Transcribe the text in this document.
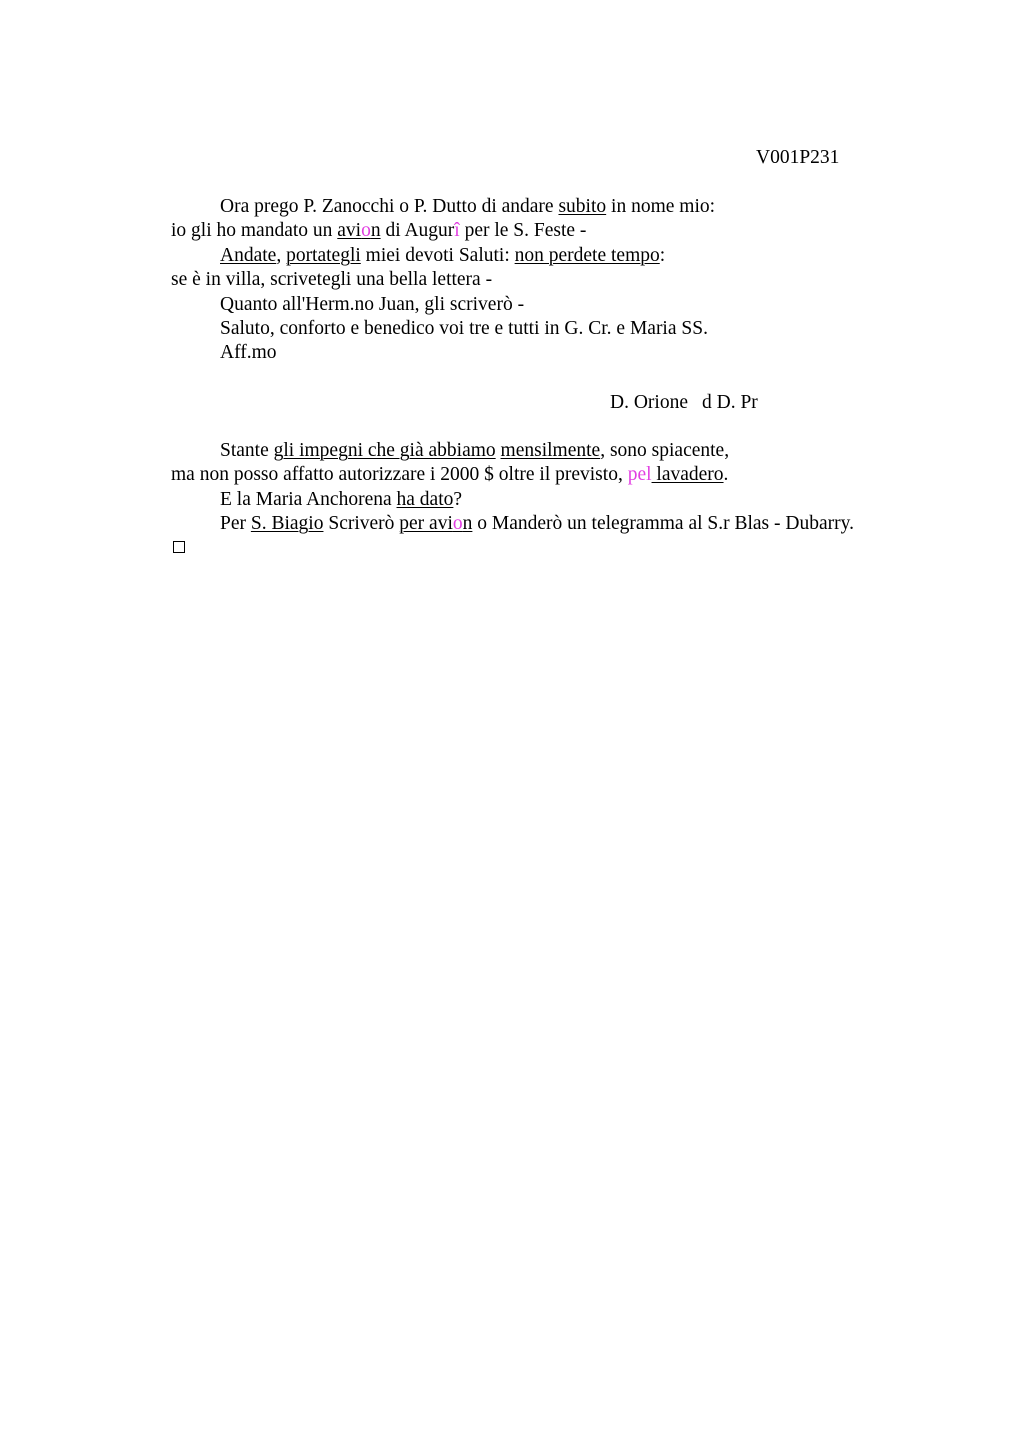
V001P231
Ora prego P. Zanocchi o P. Dutto di andare subito in nome mio:
io gli ho mandato un avion di Augurî per le S. Feste -
Andate, portategli miei devoti Saluti: non perdete tempo:
se è in villa, scrivetegli una bella lettera -
Quanto all'Herm.no Juan, gli scriverò -
Saluto, conforto e benedico voi tre e tutti in G. Cr. e Maria SS.
Aff.mo
D. Orione d D. Pr
Stante gli impegni che già abbiamo mensilmente, sono spiacente,
ma non posso affatto autorizzare i 2000 $ oltre il previsto, pel lavadero.
E la Maria Anchorena ha dato?
Per S. Biagio Scriverò per avion o Manderò un telegramma al S.r Blas - Dubarry.
